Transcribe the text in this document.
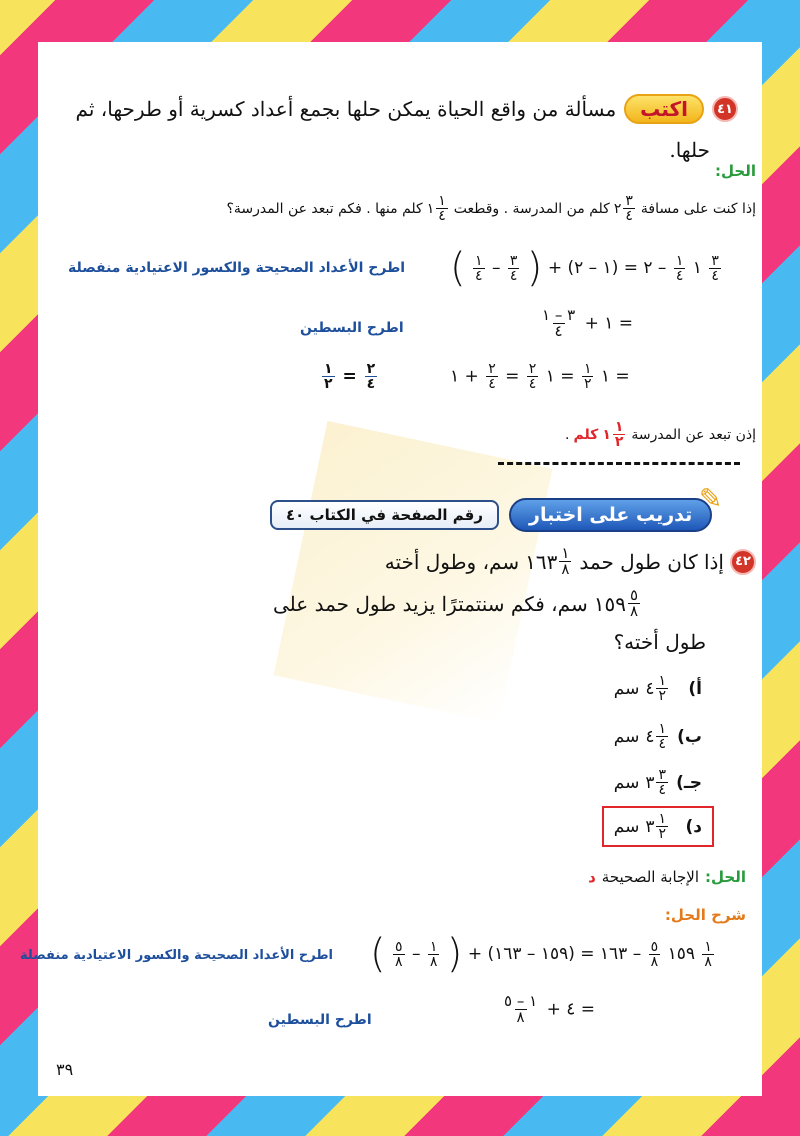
مسألة من واقع الحياة يمكن حلها بجمع أعداد كسرية أو طرحها، ثم	اكتب	٤١
حلها.
الحل:
إذا كنت على مسافة
٢ $\frac{٣}{٤}$
كلم من المدرسة . وقطعت
١ $\frac{١}{٤}$
كلم منها . فكم تبعد عن المدرسة؟
( $\frac{١}{٤} - \frac{٣}{٤}$ ) + (١ – ٢) = ١
$\frac{١}{٤}$
– ٢	$\frac{٣}{٤}$
اطرح الأعداد الصحيحة والكسور الاعتيادية منفصلة
$\frac{٣ - ١}{٤}$ + ١ =
اطرح البسطين
١
$\frac{١}{٢}$
= ١
$\frac{٢}{٤}$
=
$\frac{٢}{٤}$
+ ١ =
$\frac{١}{٢} = \frac{٢}{٤}$
إذن تبعد عن المدرسة
١ $\frac{١}{٢}$
كلم
.
رقم الصفحة في الكتاب ٤٠	تدريب على اختبار ✎
٤٢
إذا كان طول حمد
١٦٣ $\frac{١}{٨}$
سم، وطول أخته
١٥٩ $\frac{٥}{٨}$
سم، فكم سنتمترًا يزيد طول حمد على
طول أخته؟
أ)
٤ $\frac{١}{٢}$
سم
ب)
٤ $\frac{١}{٤}$
سم
جـ)
٣ $\frac{٣}{٤}$
سم
د)
٣ $\frac{١}{٢}$
سم
الحل:
الإجابة الصحيحة
د
شرح الحل:
( $\frac{٥}{٨} - \frac{١}{٨}$ ) + (١٥٩ – ١٦٣) = ١٥٩
$\frac{٥}{٨}$
– ١٦٣	$\frac{١}{٨}$
اطرح الأعداد الصحيحة والكسور الاعتيادية منفصلة
$\frac{١ - ٥}{٨}$ + ٤ =
اطرح البسطين
٣٩
